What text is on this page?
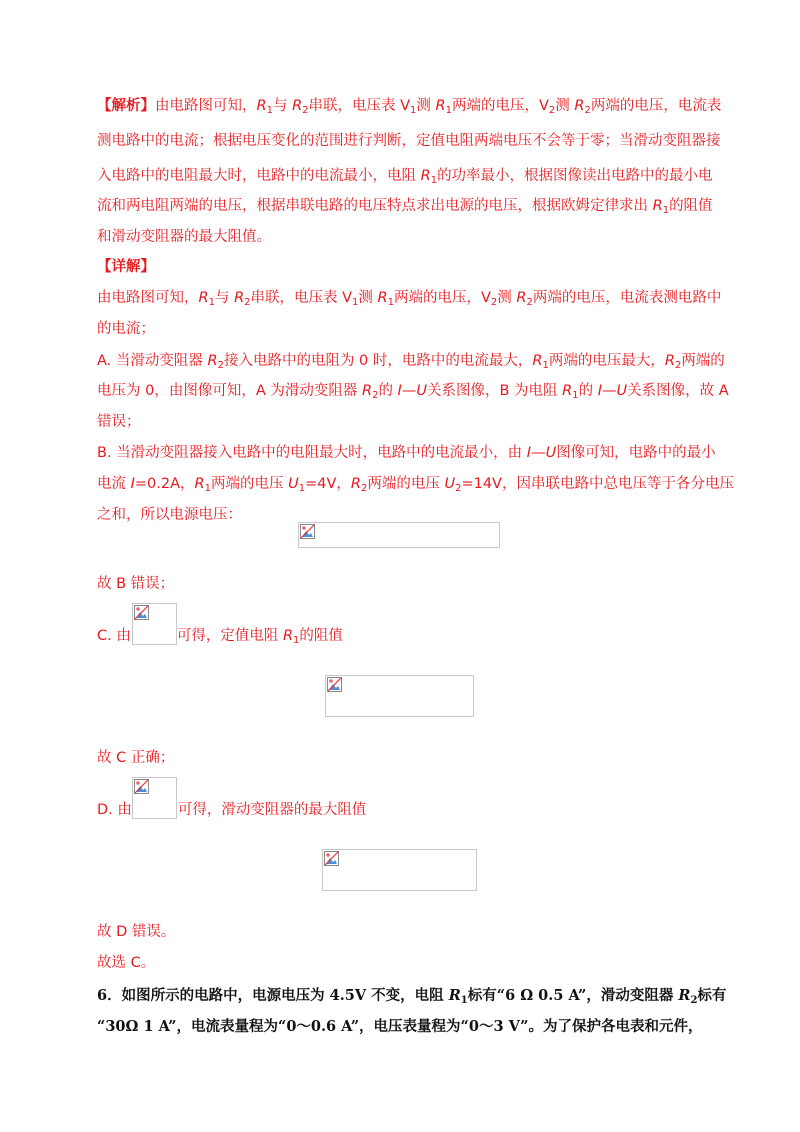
【解析】由电路图可知，$R_1$与 $R_2$串联，电压表 $V_1$测 $R_1$两端的电压，$V_2$测 $R_2$两端的电压，电流表
测电路中的电流；根据电压变化的范围进行判断，定值电阻两端电压不会等于零；当滑动变阻器接
入电路中的电阻最大时，电路中的电流最小，电阻 $R_1$的功率最小，根据图像读出电路中的最小电
流和两电阻两端的电压，根据串联电路的电压特点求出电源的电压，根据欧姆定律求出 $R_1$的阻值
和滑动变阻器的最大阻值。
【详解】
由电路图可知，$R_1$与 $R_2$串联，电压表 $V_1$测 $R_1$两端的电压，$V_2$测 $R_2$两端的电压，电流表测电路中
的电流；
A. 当滑动变阻器 $R_2$接入电路中的电阻为 0 时，电路中的电流最大，$R_1$两端的电压最大，$R_2$两端的
电压为 0，由图像可知，A 为滑动变阻器 $R_2$的 I—U关系图像，B 为电阻 $R_1$的 I—U关系图像，故 A
错误；
B. 当滑动变阻器接入电路中的电阻最大时，电路中的电流最小，由 I—U图像可知，电路中的最小
电流 I=0.2A，$R_1$两端的电压 $U_1=4V$，$R_2$两端的电压 $U_2=14V$，因串联电路中总电压等于各分电压
之和，所以电源电压：
故 B 错误；
C. 由	可得，定值电阻 $R_1$的阻值
故 C 正确；
D. 由	可得，滑动变阻器的最大阻值
故 D 错误。
故选 C。
6．如图所示的电路中，电源电压为 4.5V 不变，电阻 $R_1$标有“6 Ω 0.5 A”，滑动变阻器 $R_2$标有
“30Ω 1 A”，电流表量程为“0～0.6 A”，电压表量程为“0～3 V”。为了保护各电表和元件，
